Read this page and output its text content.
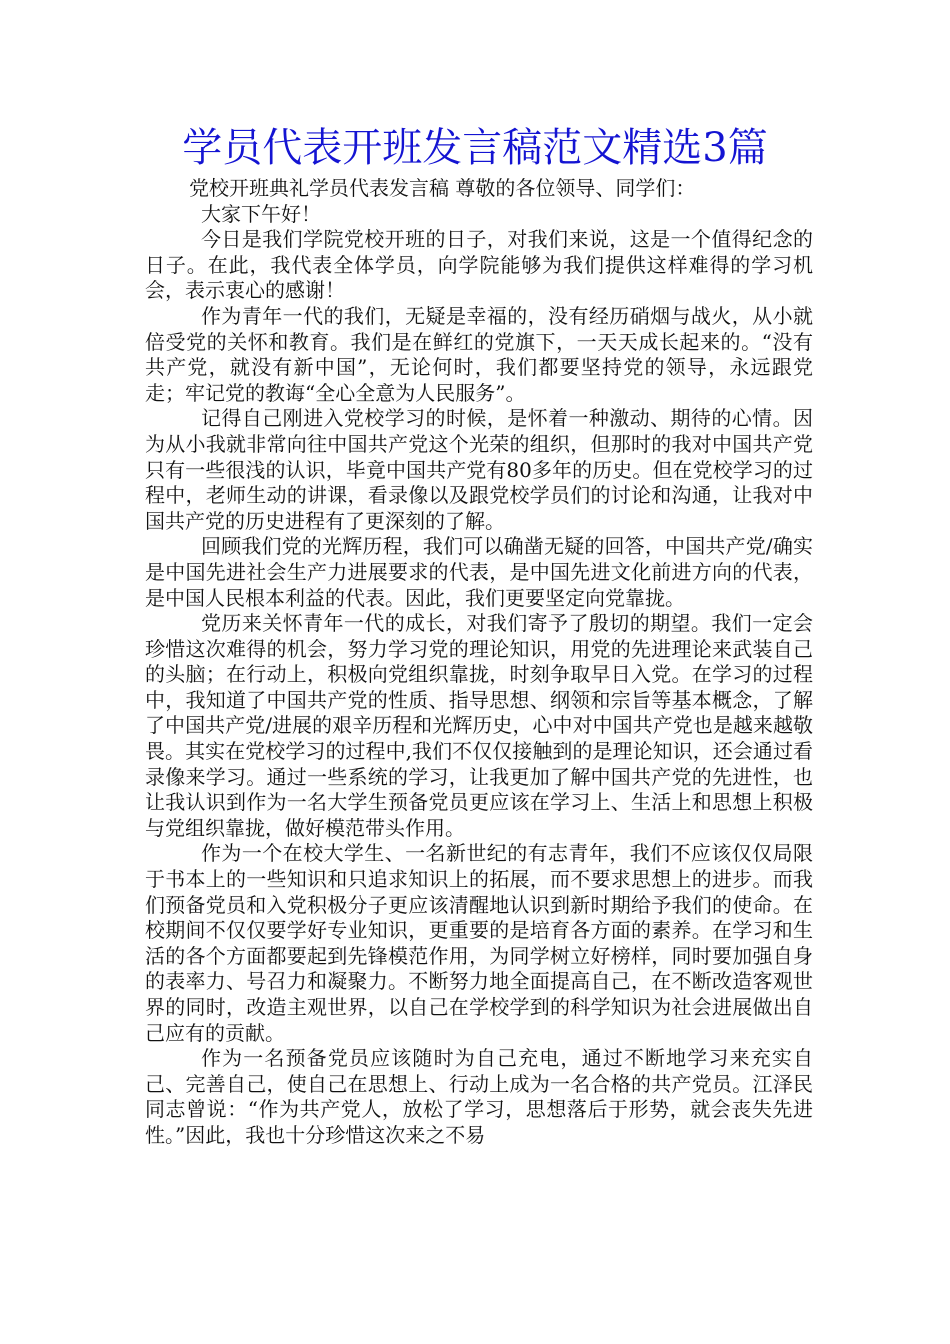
学员代表开班发言稿范文精选3篇

党校开班典礼学员代表发言稿 尊敬的各位领导、同学们：

大家下午好！

今日是我们学院党校开班的日子，对我们来说，这是一个值得纪念的日子。在此，我代表全体学员，向学院能够为我们提供这样难得的学习机会，表示衷心的感谢！

作为青年一代的我们，无疑是幸福的，没有经历硝烟与战火，从小就倍受党的关怀和教育。我们是在鲜红的党旗下，一天天成长起来的。“没有共产党，就没有新中国”，无论何时，我们都要坚持党的领导，永远跟党走；牢记党的教诲“全心全意为人民服务”。

记得自己刚进入党校学习的时候，是怀着一种激动、期待的心情。因为从小我就非常向往中国共产党这个光荣的组织，但那时的我对中国共产党只有一些很浅的认识，毕竟中国共产党有80多年的历史。但在党校学习的过程中，老师生动的讲课，看录像以及跟党校学员们的讨论和沟通，让我对中国共产党的历史进程有了更深刻的了解。

回顾我们党的光辉历程，我们可以确凿无疑的回答，中国共产党/确实是中国先进社会生产力进展要求的代表，是中国先进文化前进方向的代表，是中国人民根本利益的代表。因此，我们更要坚定向党靠拢。

党历来关怀青年一代的成长，对我们寄予了殷切的期望。我们一定会珍惜这次难得的机会，努力学习党的理论知识，用党的先进理论来武装自己的头脑；在行动上，积极向党组织靠拢，时刻争取早日入党。在学习的过程中，我知道了中国共产党的性质、指导思想、纲领和宗旨等基本概念，了解了中国共产党/进展的艰辛历程和光辉历史，心中对中国共产党也是越来越敬畏。其实在党校学习的过程中,我们不仅仅接触到的是理论知识，还会通过看录像来学习。通过一些系统的学习，让我更加了解中国共产党的先进性，也让我认识到作为一名大学生预备党员更应该在学习上、生活上和思想上积极与党组织靠拢，做好模范带头作用。

作为一个在校大学生、一名新世纪的有志青年，我们不应该仅仅局限于书本上的一些知识和只追求知识上的拓展，而不要求思想上的进步。而我们预备党员和入党积极分子更应该清醒地认识到新时期给予我们的使命。在校期间不仅仅要学好专业知识，更重要的是培育各方面的素养。在学习和生活的各个方面都要起到先锋模范作用，为同学树立好榜样，同时要加强自身的表率力、号召力和凝聚力。不断努力地全面提高自己，在不断改造客观世界的同时，改造主观世界，以自己在学校学到的科学知识为社会进展做出自己应有的贡献。

作为一名预备党员应该随时为自己充电，通过不断地学习来充实自己、完善自己，使自己在思想上、行动上成为一名合格的共产党员。江泽民同志曾说：“作为共产党人，放松了学习，思想落后于形势，就会丧失先进性。”因此，我也十分珍惜这次来之不易
